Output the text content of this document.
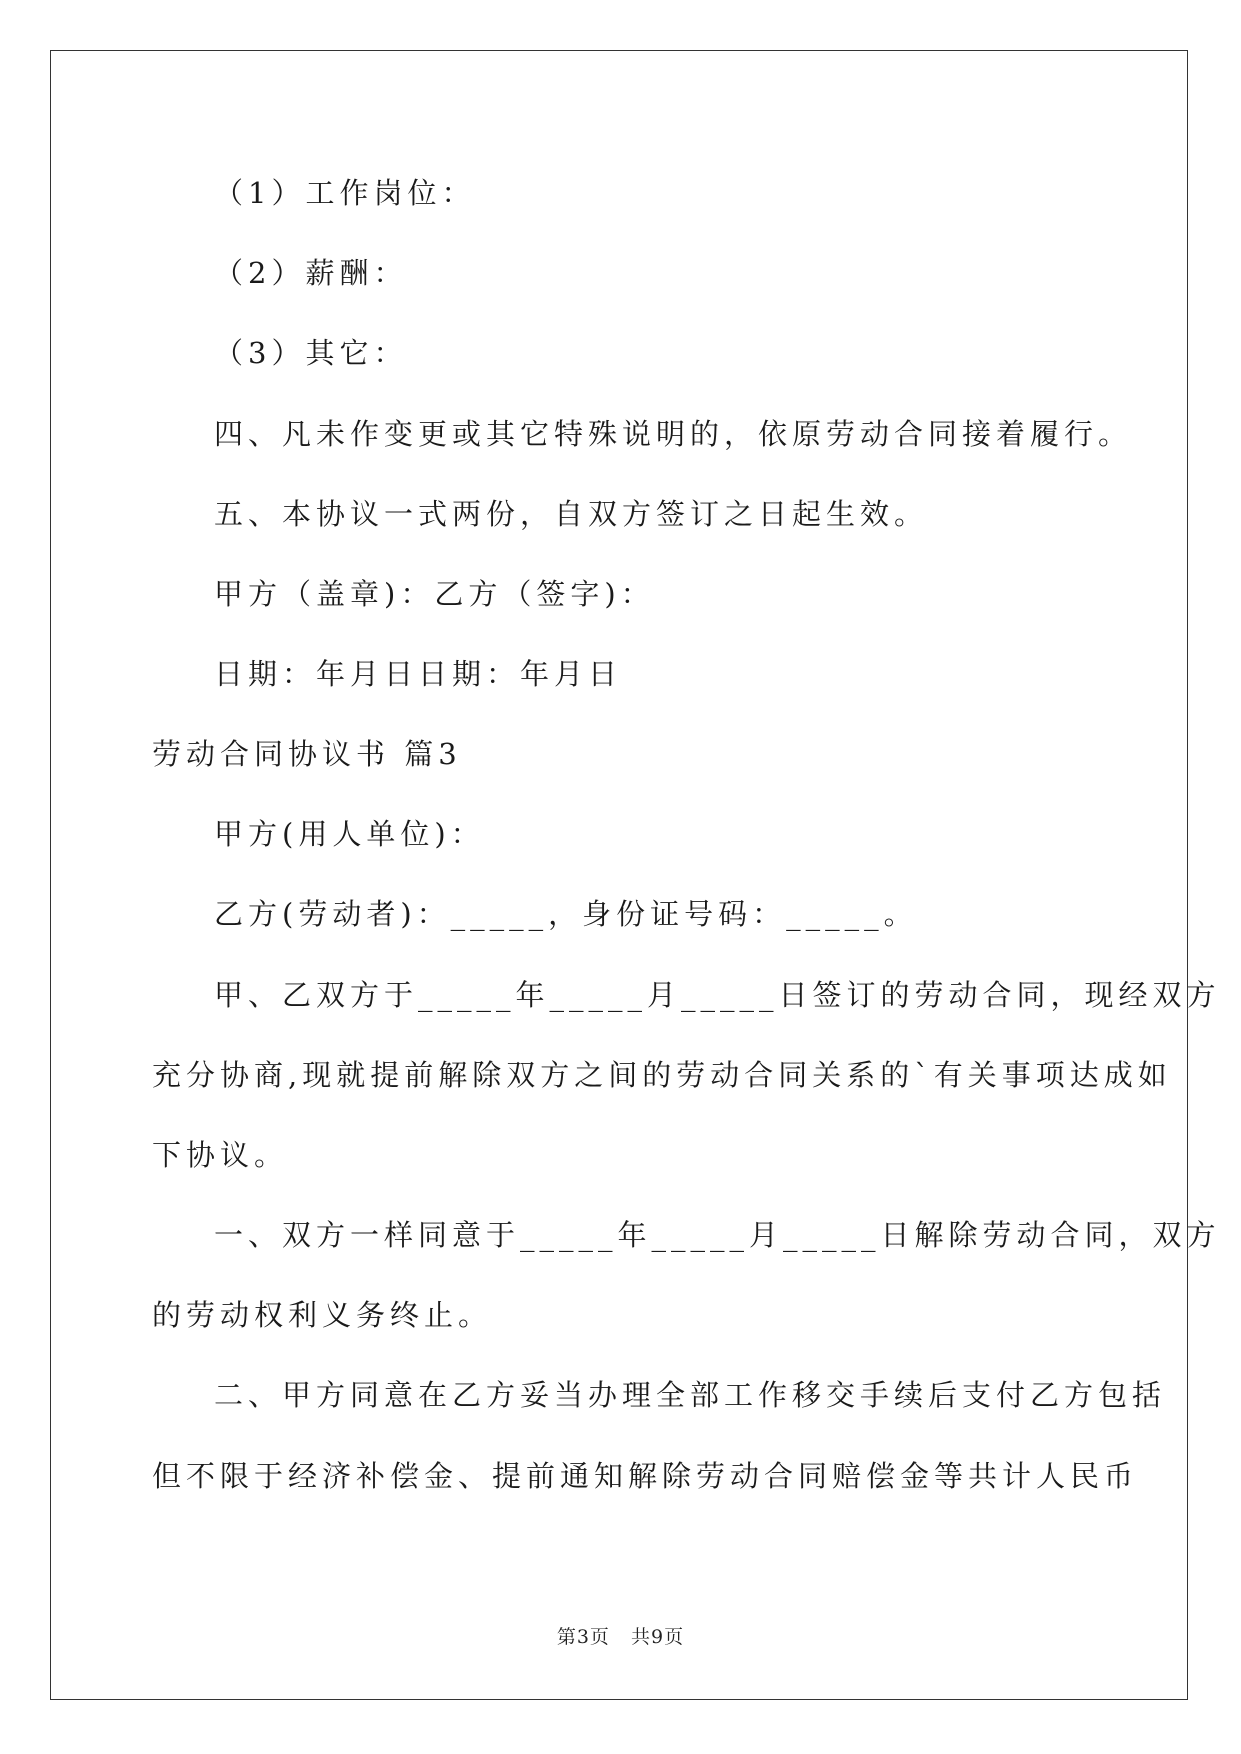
（1）工作岗位：
（2）薪酬：
（3）其它：
四、凡未作变更或其它特殊说明的，依原劳动合同接着履行。
五、本协议一式两份，自双方签订之日起生效。
甲方（盖章)：乙方（签字)：
日期：年月日日期：年月日
劳动合同协议书 篇3
甲方(用人单位)：
乙方(劳动者)：_____，身份证号码：_____。
甲、乙双方于_____年_____月_____日签订的劳动合同，现经双方
充分协商,现就提前解除双方之间的劳动合同关系的`有关事项达成如
下协议。
一、双方一样同意于_____年_____月_____日解除劳动合同，双方
的劳动权利义务终止。
二、甲方同意在乙方妥当办理全部工作移交手续后支付乙方包括
但不限于经济补偿金、提前通知解除劳动合同赔偿金等共计人民币
第3页   共9页
